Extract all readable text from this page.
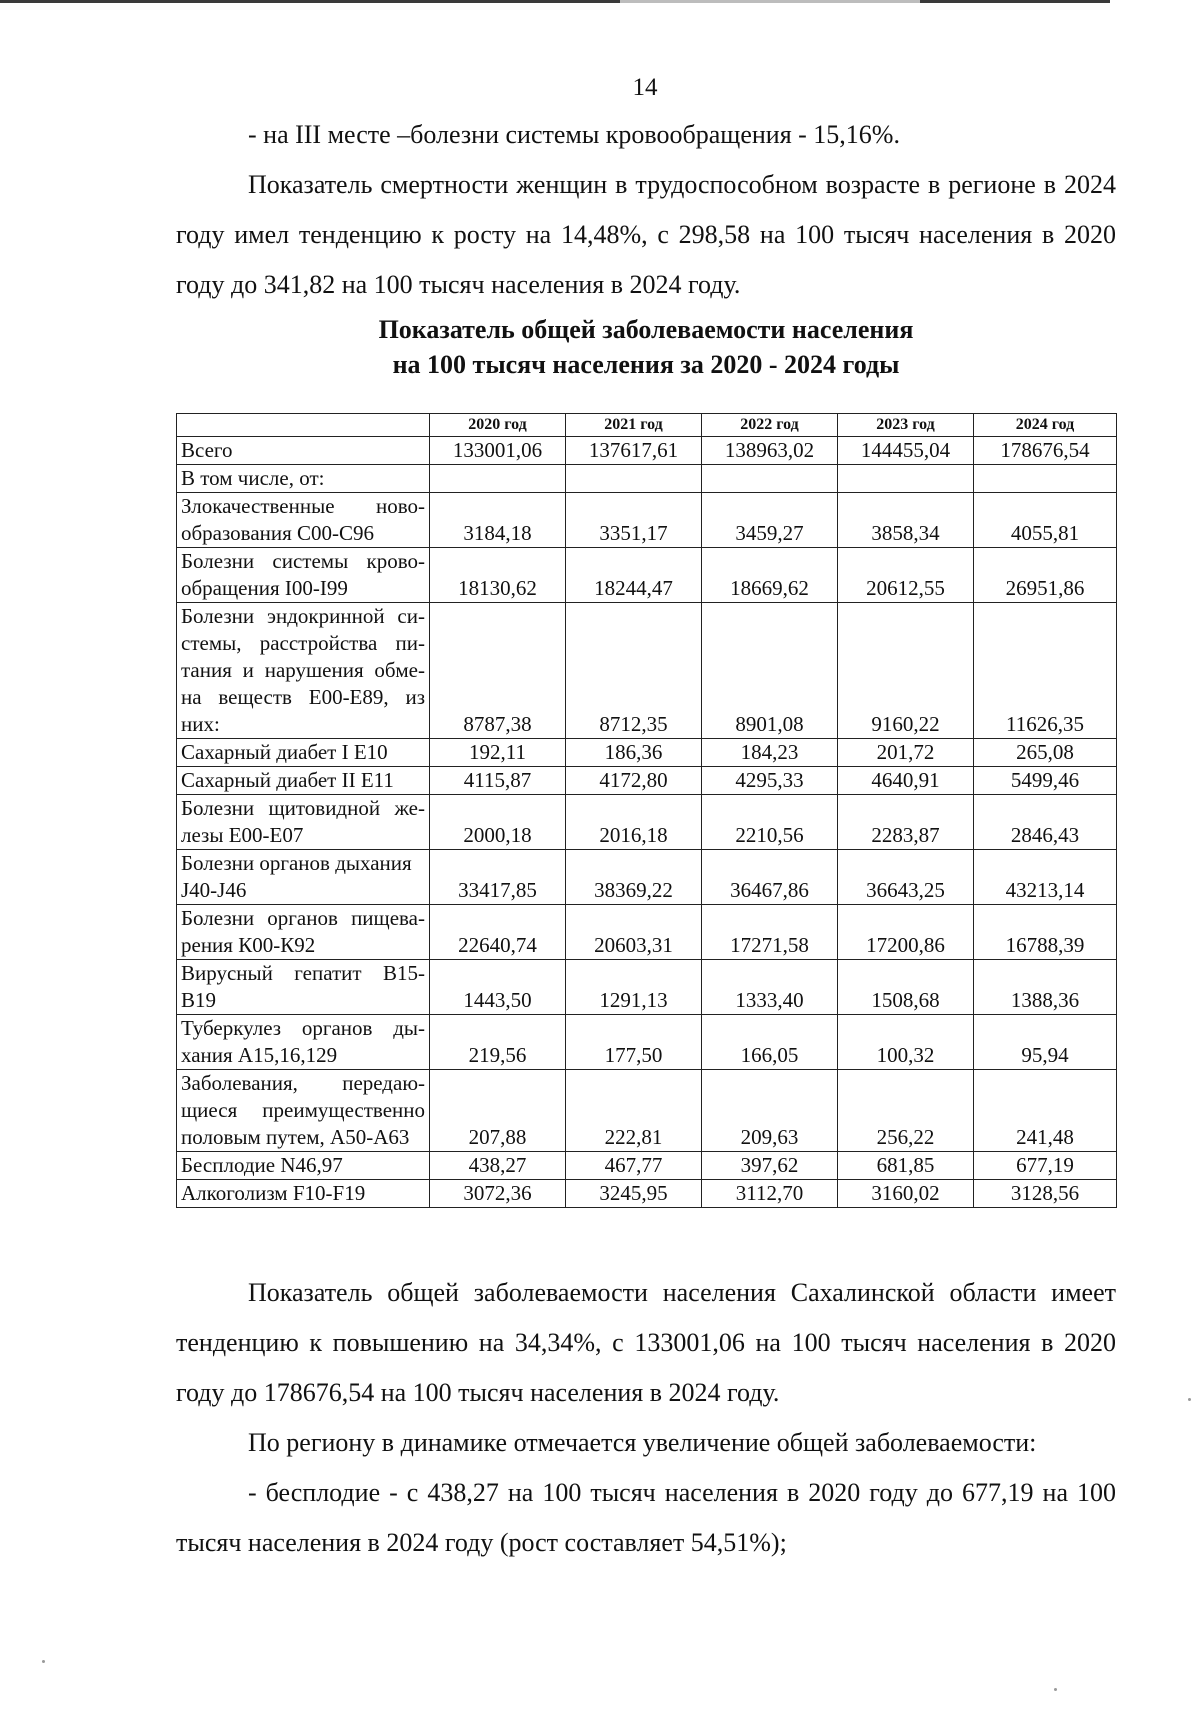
14

- на III месте –болезни системы кровообращения - 15,16%.

Показатель смертности женщин в трудоспособном возрасте в регионе в 2024 году имел тенденцию к росту на 14,48%, с 298,58 на 100 тысяч населения в 2020 году до 341,82 на 100 тысяч населения в 2024 году.

Показатель общей заболеваемости населения
на 100 тысяч населения за 2020 - 2024 годы
	2020 год	2021 год	2022 год	2023 год	2024 год
Всего	133001,06	137617,61	138963,02	144455,04	178676,54
В том числе, от:					
Злокачественные ново-образования С00-С96	3184,18	3351,17	3459,27	3858,34	4055,81
Болезни системы крово-обращения I00-I99	18130,62	18244,47	18669,62	20612,55	26951,86
Болезни эндокринной си-стемы, расстройства пи-тания и нарушения обме-на веществ Е00-Е89, из них:	8787,38	8712,35	8901,08	9160,22	11626,35
Сахарный диабет I Е10	192,11	186,36	184,23	201,72	265,08
Сахарный диабет II Е11	4115,87	4172,80	4295,33	4640,91	5499,46
Болезни щитовидной же-лезы Е00-Е07	2000,18	2016,18	2210,56	2283,87	2846,43
Болезни органов дыхания J40-J46	33417,85	38369,22	36467,86	36643,25	43213,14
Болезни органов пищева-рения К00-К92	22640,74	20603,31	17271,58	17200,86	16788,39
Вирусный гепатит В15-В19	1443,50	1291,13	1333,40	1508,68	1388,36
Туберкулез органов ды-хания А15,16,129	219,56	177,50	166,05	100,32	95,94
Заболевания, передаю-щиеся преимущественно половым путем, А50-А63	207,88	222,81	209,63	256,22	241,48
Бесплодие N46,97	438,27	467,77	397,62	681,85	677,19
Алкоголизм F10-F19	3072,36	3245,95	3112,70	3160,02	3128,56

Показатель общей заболеваемости населения Сахалинской области имеет тенденцию к повышению на 34,34%, с 133001,06 на 100 тысяч населения в 2020 году до 178676,54 на 100 тысяч населения в 2024 году.

По региону в динамике отмечается увеличение общей заболеваемости:

- бесплодие - с 438,27 на 100 тысяч населения в 2020 году до 677,19 на 100 тысяч населения в 2024 году (рост составляет 54,51%);
